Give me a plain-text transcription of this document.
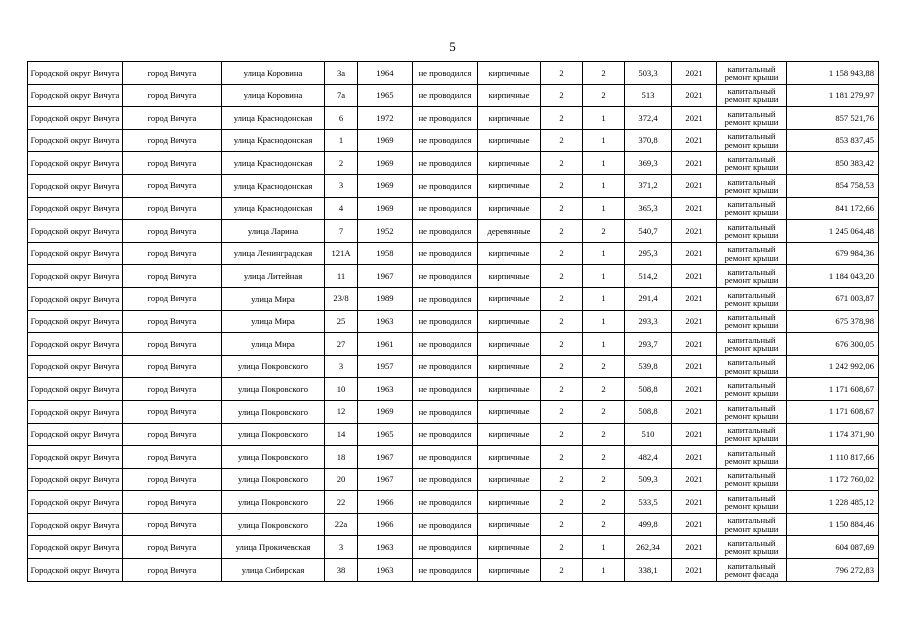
5
Городской округ Вичуга	город Вичуга	улица Коровина	3а	1964	не проводился	кирпичные	2	2	503,3	2021	капитальный ремонт крыши	1 158 943,88
Городской округ Вичуга	город Вичуга	улица Коровина	7а	1965	не проводился	кирпичные	2	2	513	2021	капитальный ремонт крыши	1 181 279,97
Городской округ Вичуга	город Вичуга	улица Краснодонская	6	1972	не проводился	кирпичные	2	1	372,4	2021	капитальный ремонт крыши	857 521,76
Городской округ Вичуга	город Вичуга	улица Краснодонская	1	1969	не проводился	кирпичные	2	1	370,8	2021	капитальный ремонт крыши	853 837,45
Городской округ Вичуга	город Вичуга	улица Краснодонская	2	1969	не проводился	кирпичные	2	1	369,3	2021	капитальный ремонт крыши	850 383,42
Городской округ Вичуга	город Вичуга	улица Краснодонская	3	1969	не проводился	кирпичные	2	1	371,2	2021	капитальный ремонт крыши	854 758,53
Городской округ Вичуга	город Вичуга	улица Краснодонская	4	1969	не проводился	кирпичные	2	1	365,3	2021	капитальный ремонт крыши	841 172,66
Городской округ Вичуга	город Вичуга	улица Ларина	7	1952	не проводился	деревянные	2	2	540,7	2021	капитальный ремонт крыши	1 245 064,48
Городской округ Вичуга	город Вичуга	улица Ленинградская	121А	1958	не проводился	кирпичные	2	1	295,3	2021	капитальный ремонт крыши	679 984,36
Городской округ Вичуга	город Вичуга	улица Литейная	11	1967	не проводился	кирпичные	2	1	514,2	2021	капитальный ремонт крыши	1 184 043,20
Городской округ Вичуга	город Вичуга	улица Мира	23/8	1989	не проводился	кирпичные	2	1	291,4	2021	капитальный ремонт крыши	671 003,87
Городской округ Вичуга	город Вичуга	улица Мира	25	1963	не проводился	кирпичные	2	1	293,3	2021	капитальный ремонт крыши	675 378,98
Городской округ Вичуга	город Вичуга	улица Мира	27	1961	не проводился	кирпичные	2	1	293,7	2021	капитальный ремонт крыши	676 300,05
Городской округ Вичуга	город Вичуга	улица Покровского	3	1957	не проводился	кирпичные	2	2	539,8	2021	капитальный ремонт крыши	1 242 992,06
Городской округ Вичуга	город Вичуга	улица Покровского	10	1963	не проводился	кирпичные	2	2	508,8	2021	капитальный ремонт крыши	1 171 608,67
Городской округ Вичуга	город Вичуга	улица Покровского	12	1969	не проводился	кирпичные	2	2	508,8	2021	капитальный ремонт крыши	1 171 608,67
Городской округ Вичуга	город Вичуга	улица Покровского	14	1965	не проводился	кирпичные	2	2	510	2021	капитальный ремонт крыши	1 174 371,90
Городской округ Вичуга	город Вичуга	улица Покровского	18	1967	не проводился	кирпичные	2	2	482,4	2021	капитальный ремонт крыши	1 110 817,66
Городской округ Вичуга	город Вичуга	улица Покровского	20	1967	не проводился	кирпичные	2	2	509,3	2021	капитальный ремонт крыши	1 172 760,02
Городской округ Вичуга	город Вичуга	улица Покровского	22	1966	не проводился	кирпичные	2	2	533,5	2021	капитальный ремонт крыши	1 228 485,12
Городской округ Вичуга	город Вичуга	улица Покровского	22а	1966	не проводился	кирпичные	2	2	499,8	2021	капитальный ремонт крыши	1 150 884,46
Городской округ Вичуга	город Вичуга	улица Прокичевская	3	1963	не проводился	кирпичные	2	1	262,34	2021	капитальный ремонт крыши	604 087,69
Городской округ Вичуга	город Вичуга	улица Сибирская	38	1963	не проводился	кирпичные	2	1	338,1	2021	капитальный ремонт фасада	796 272,83
